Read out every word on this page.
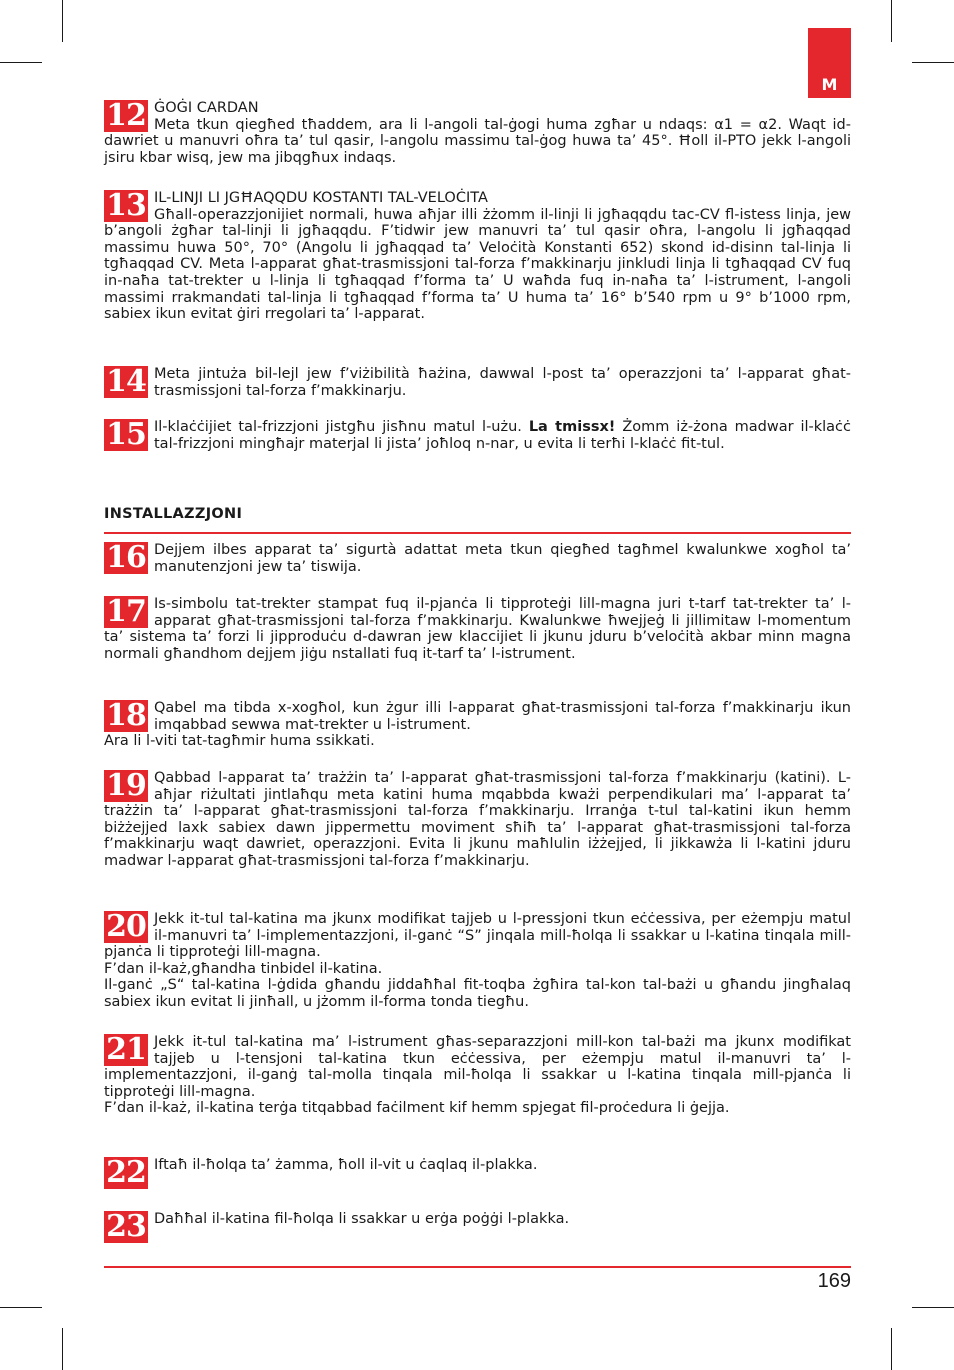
M
12 ĠOĠI CARDAN

Meta tkun qiegħed tħaddem, ara li l-angoli tal-ġogi huma zgħar u ndaqs: α1 = α2. Waqt id-dawriet u manuvri oħra ta’ tul qasir, l-angolu massimu tal-ġog huwa ta’ 45°. Ħoll il-PTO jekk l-angoli jsiru kbar wisq, jew ma jibqgħux indaqs.

13 IL-LINJI LI JGĦAQQDU KOSTANTI TAL-VELOĊITA

Għall-operazzjonijiet normali, huwa aħjar illi żżomm il-linji li jgħaqqdu tac-CV fl-istess linja, jew b’angoli żgħar tal-linji li jgħaqqdu. F’tidwir jew manuvri ta’ tul qasir oħra, l-angolu li jgħaqqad massimu huwa 50°, 70° (Angolu li jgħaqqad ta’ Veloċità Konstanti 652) skond id-disinn tal-linja li tgħaqqad CV. Meta l-apparat għat-trasmissjoni tal-forza f’makkinarju jinkludi linja li tgħaqqad CV fuq in-naħa tat-trekter u l-linja li tgħaqqad f’forma ta’ U waħda fuq in-naħa ta’ l-istrument, l-angoli massimi rrakmandati tal-linja li tgħaqqad f’forma ta’ U huma ta’ 16° b’540 rpm u 9° b’1000 rpm, sabiex ikun evitat ġiri rregolari ta’ l-apparat.

14 Meta jintuża bil-lejl jew f’viżibilità ħażina, dawwal l-post ta’ operazzjoni ta’ l-apparat għat-trasmissjoni tal-forza f’makkinarju.

15 Il-klaċċijiet tal-frizzjoni jistgħu jisħnu matul l-użu. La tmissx! Żomm iż-żona madwar il-klaċċ tal-frizzjoni mingħajr materjal li jista’ joħloq n-nar, u evita li terħi l-klaċċ fit-tul.

INSTALLAZZJONI
16 Dejjem ilbes apparat ta’ sigurtà adattat meta tkun qiegħed tagħmel kwalunkwe xogħol ta’ manutenzjoni jew ta’ tiswija.

17 Is-simbolu tat-trekter stampat fuq il-pjanċa li tipproteġi lill-magna juri t-tarf tat-trekter ta’ l-apparat għat-trasmissjoni tal-forza f’makkinarju. Kwalunkwe ħwejjeġ li jillimitaw l-momentum ta’ sistema ta’ forzi li jipproduċu d-dawran jew klaccijiet li jkunu jduru b’veloċità akbar minn magna normali għandhom dejjem jiġu nstallati fuq it-tarf ta’ l-istrument.

18 Qabel ma tibda x-xogħol, kun żgur illi l-apparat għat-trasmissjoni tal-forza f’makkinarju ikun imqabbad sewwa mat-trekter u l-istrument.

Ara li l-viti tat-tagħmir huma ssikkati.

19 Qabbad l-apparat ta’ trażżin ta’ l-apparat għat-trasmissjoni tal-forza f’makkinarju (katini). L-aħjar riżultati jintlaħqu meta katini huma mqabbda kważi perpendikulari ma’ l-apparat ta’ trażżin ta’ l-apparat għat-trasmissjoni tal-forza f’makkinarju. Irranġa t-tul tal-katini ikun hemm biżżejjed laxk sabiex dawn jippermettu moviment sħiħ ta’ l-apparat għat-trasmissjoni tal-forza f’makkinarju waqt dawriet, operazzjoni. Evita li jkunu maħlulin iżżejjed, li jikkawża li l-katini jduru madwar l-apparat għat-trasmissjoni tal-forza f’makkinarju.

20 Jekk it-tul tal-katina ma jkunx modifikat tajjeb u l-pressjoni tkun eċċessiva, per eżempju matul il-manuvri ta’ l-implementazzjoni, il-ganċ “S” jinqala mill-ħolqa li ssakkar u l-katina tinqala mill-pjanċa li tipproteġi lill-magna.

F’dan il-każ,għandha tinbidel il-katina.

Il-ganċ „S“ tal-katina l-ġdida għandu jiddaħħal fit-toqba żgħira tal-kon tal-bażi u għandu jingħalaq sabiex ikun evitat li jinħall, u jżomm il-forma tonda tiegħu.

21 Jekk it-tul tal-katina ma’ l-istrument għas-separazzjoni mill-kon tal-bażi ma jkunx modifikat tajjeb u l-tensjoni tal-katina tkun eċċessiva, per eżempju matul il-manuvri ta’ l-implementazzjoni, il-ganġ tal-molla tinqala mil-ħolqa li ssakkar u l-katina tinqala mill-pjanċa li tipproteġi lill-magna.

F’dan il-każ, il-katina terġa titqabbad faċilment kif hemm spjegat fil-proċedura li ġejja.

22 Iftaħ il-ħolqa ta’ żamma, ħoll il-vit u ċaqlaq il-plakka.

23 Daħħal il-katina fil-ħolqa li ssakkar u erġa poġġi l-plakka.

169
